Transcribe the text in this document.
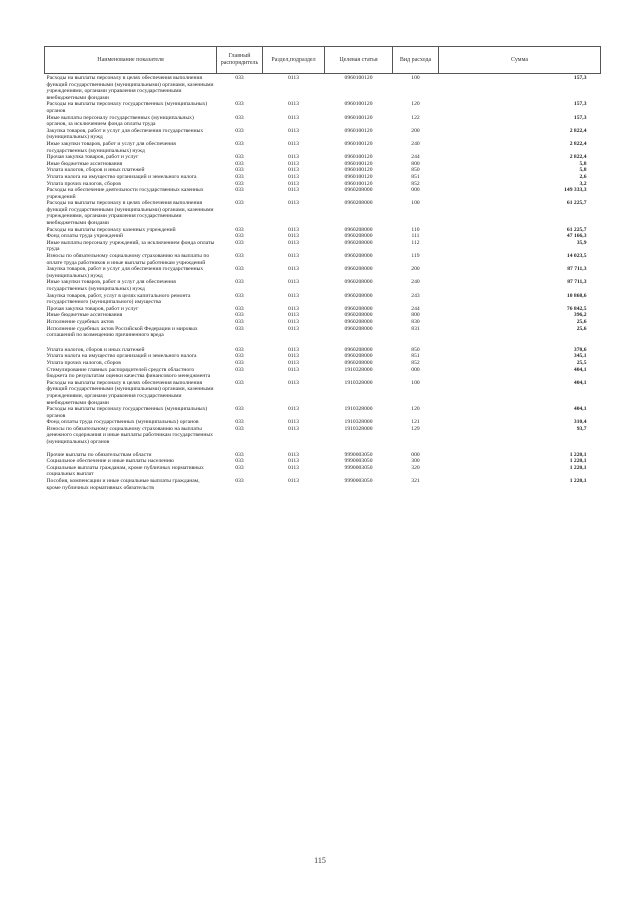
Наименование показателя	Главный распорядитель	Раздел,подраздел	Целевая статья	Вид расхода	Сумма
Расходы на выплаты персоналу в целях обеспечения выполнения функций государственными (муниципальными) органами, казенными учреждениями, органами управления государственными внебюджетными фондами	033	0113	0960100120	100	157,3
Расходы на выплаты персоналу государственных (муниципальных) органов	033	0113	0960100120	120	157,3
Иные выплаты персоналу государственных (муниципальных) органов, за исключением фонда оплаты труда	033	0113	0960100120	122	157,3
Закупка товаров, работ и услуг для обеспечения государственных (муниципальных) нужд	033	0113	0960100120	200	2 822,4
Иные закупки товаров, работ и услуг для обеспечения государственных (муниципальных) нужд	033	0113	0960100120	240	2 822,4
Прочая закупка товаров, работ и услуг	033	0113	0960100120	244	2 822,4
Иные бюджетные ассигнования	033	0113	0960100120	800	5,8
Уплата налогов, сборов и иных платежей	033	0113	0960100120	850	5,8
Уплата налога на имущество организаций и земельного налога	033	0113	0960100120	851	2,6
Уплата прочих налогов, сборов	033	0113	0960100120	852	3,2
Расходы на обеспечение деятельности государственных казенных учреждений	033	0113	0960208000	000	149 333,3
Расходы на выплаты персоналу в целях обеспечения выполнения функций государственными (муниципальными) органами, казенными учреждениями, органами управления государственными внебюджетными фондами	033	0113	0960208000	100	61 225,7
Расходы на выплаты персоналу казенных учреждений	033	0113	0960208000	110	61 225,7
Фонд оплаты труда учреждений	033	0113	0960208000	111	47 166,3
Иные выплаты персоналу учреждений, за исключением фонда оплаты труда	033	0113	0960208000	112	35,9
Взносы по обязательному социальному страхованию на выплаты по оплате труда работников и иные выплаты работникам учреждений	033	0113	0960208000	119	14 023,5
Закупка товаров, работ и услуг для обеспечения государственных (муниципальных) нужд	033	0113	0960208000	200	87 711,3
Иные закупки товаров, работ и услуг для обеспечения государственных (муниципальных) нужд	033	0113	0960208000	240	87 711,3
Закупка товаров, работ, услуг в целях капитального ремонта государственного (муниципального) имущества	033	0113	0960208000	243	10 868,6
Прочая закупка товаров, работ и услуг	033	0113	0960208000	244	76 842,5
Иные бюджетные ассигнования	033	0113	0960208000	800	396,2
Исполнение судебных актов	033	0113	0960208000	830	25,6
Исполнение судебных актов Российской Федерации и мировых соглашений по возмещению причиненного вреда	033	0113	0960208000	831	25,6
Уплата налогов, сборов и иных платежей	033	0113	0960208000	850	370,6
Уплата налога на имущество организаций и земельного налога	033	0113	0960208000	851	345,1
Уплата прочих налогов, сборов	033	0113	0960208000	852	25,5
Стимулирование главных распорядителей средств областного бюджета по результатам оценки качества финансового менеджмента	033	0113	1910328000	000	404,1
Расходы на выплаты персоналу в целях обеспечения выполнения функций государственными (муниципальными) органами, казенными учреждениями, органами управления государственными внебюджетными фондами	033	0113	1910328000	100	404,1
Расходы на выплаты персоналу государственных (муниципальных) органов	033	0113	1910328000	120	404,1
Фонд оплаты труда государственных (муниципальных) органов	033	0113	1910328000	121	310,4
Взносы по обязательному социальному страхованию на выплаты денежного содержания и иные выплаты работникам государственных (муниципальных) органов	033	0113	1910328000	129	93,7
Прочие выплаты по обязательствам области	033	0113	9990003050	000	1 220,1
Социальное обеспечение и иные выплаты населению	033	0113	9990003050	300	1 220,1
Социальные выплаты гражданам, кроме публичных нормативных социальных выплат	033	0113	9990003050	320	1 220,1
Пособия, компенсации и иные социальные выплаты гражданам, кроме публичных нормативных обязательств	033	0113	9990003050	321	1 220,1
115
